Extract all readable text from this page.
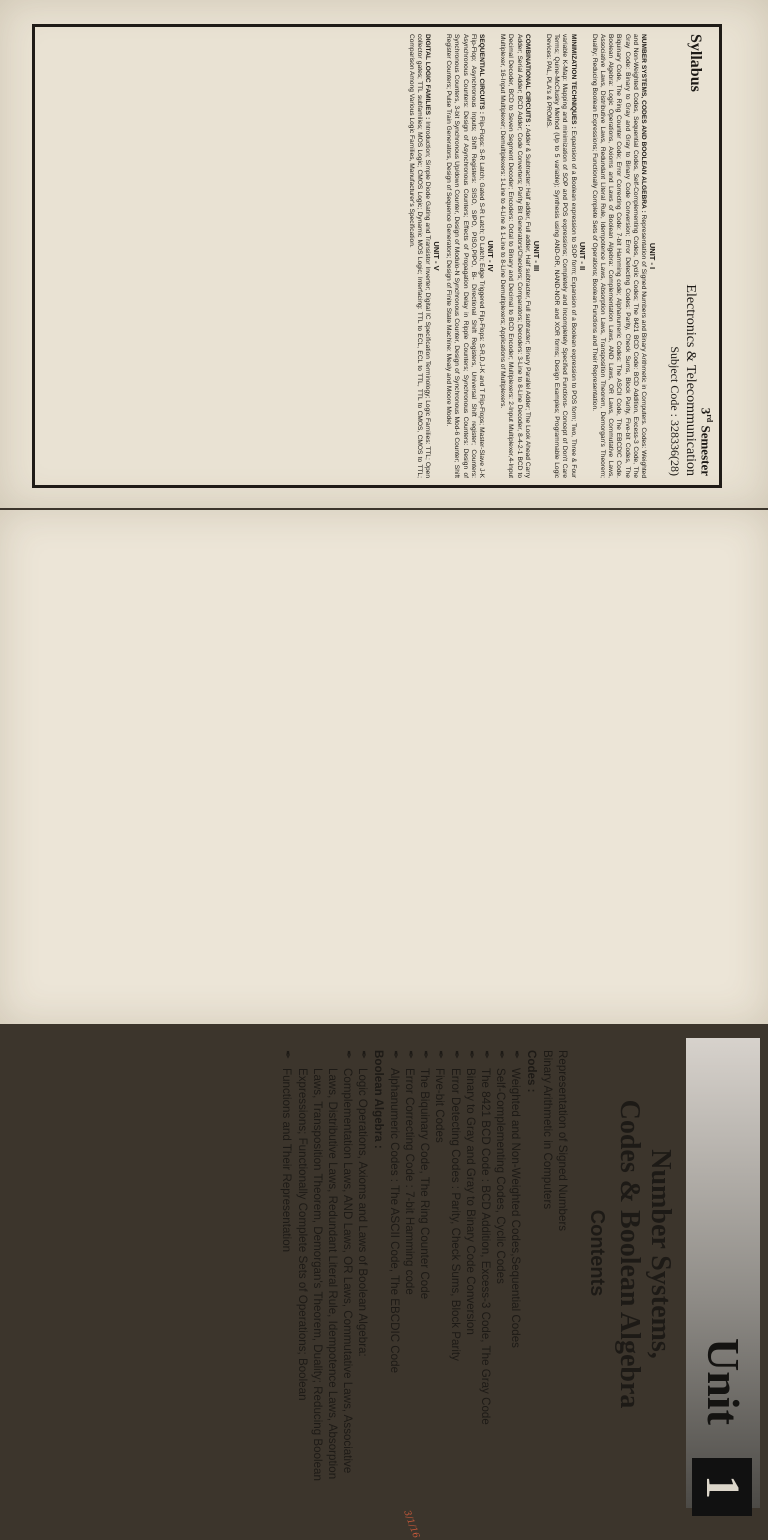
3rd Semester
Electronics & Telecommunication
Subject Code : 328336(28)
Syllabus
UNIT - I

NUMBER SYSTEMS, CODES AND BOOLEAN ALGEBRA : Representation of Signed Numbers and Binary Arithmetic in Computers. Codes: Weighted and Non-Weighted Codes, Sequential Codes, Self-Complementing Codes, Cyclic Codes; The 8421 BCD Code: BCD Addition, Excess-3 Code, The Gray Code: Binary to Gray and Gray to Binary Code Conversion; Error Detecting Codes: Parity, Check Sums, Block Parity, Five-bit Codes, The Biquinary Code, The Ring Counter Code; Error Correcting Code: 7-bit Hamming code; Alphanumeric Codes: The ASCII Code, The EBCDIC Code. Boolean Algebra: Logic Operations, Axioms and Laws of Boolean Algebra: Complementation Laws, AND Laws, OR Laws, Commutative Laws, Associative Laws, Distributive Laws, Redundant Literal Rule, Idempotence Laws, Absorption Laws, Transposition Theorem, Demorgan's Theorem; Duality; Reducing Boolean Expressions; Functionally Complete Sets of Operations; Boolean Functions and Their Representation.

UNIT - II

MINIMIZATION TECHNIQUES : Expansion of a Boolean expression to SOP form; Expansion of a Boolean expression to POS form; Two, Three & Four variable K-Map: Mapping and minimization of SOP and POS expressions; Completely and Incompletely Specified Functions- Concept of Don't Care Terms; Quine-McClusky Method (Up to 5 variable); Synthesis using AND-OR, NAND-NOR and XOR forms; Design Examples; Programmable Logic Devices: PAL, PLA's & PROMS.

UNIT - III

COMBINATIONAL CIRCUITS : Adder & Subtracter: Half adder, Full adder, Half subtracter, Full subtracter; Binary Parallel Adder; The Look Ahead Carry Adder; Serial Adder; BCD Adder; Code Converters; Parity Bit Generators/Checkers; Comparators; Decoders: 3-Line to 8-Line Decoder, 8-4-2-1 BCD to Decimal Decoder, BCD to Seven Segment Decoder; Encoders: Octal to Binary and Decimal to BCD Encoder; Multiplexers: 2-Input Multiplexer,4-Input Multiplexer, 16-Input Multiplexer; Demultiplexers: 1-Line to 4-Line & 1-Line to 8-Line Demultiplexers; Applications of Multiplexers.

UNIT - IV

SEQUENTIAL CIRCUITS : Flip-Flops: S-R Latch; Gated S-R Latch; D Latch; Edge Triggered Flip-Flops: S-R,D,J-K and T Flip-Flops; Master-Slave J-K Flip-Flop; Asynchronous Inputs; Shift Registers: SISO, SIPO, PISO,PIPO, Bi- Directional Shift Registers, Universal Shift register; Counters: Asynchronous Counters: Design of Asynchronous Counters; Effects of Propagation Delay in Ripple Counters; Synchronous Counters: Design of Synchronous Counters, 3-bit Synchronous Up/down Counter, Design of Modulo-N Synchronous Counter, Design of Synchronous Mod-6 Counter; Shift Register Counters; Pulse Train Generators, Design of Sequence Generators; Design of Finite State Machine: Mealy and Moore Model.

UNIT - V

DIGITAL LOGIC FAMILIES : Introduction; Simple Diode Gating and Transistor Inverter; Digital IC Specification Terminology; Logic Families: TTL; Open collector gates; TTL subfamilies; MOS Logic; CMOS Logic; Dynamic MOS Logic; Interfacing: TTL to ECL, ECL to TTL, TTL to CMOS, CMOS to TTL; Comparison Among Various Logic Families, Manufacturer's Specification.

Unit
1
Number Systems,
Codes & Boolean Algebra
Contents

Representation of Signed Numbers

Binary Arithmetic in Computers

Codes :

✒
Weighted and Non-Weighted Codes,Sequential Codes

✒
Self-Complementing Codes, Cyclic Codes

✒
The 8421 BCD Code : BCD Addition, Excess-3 Code, The Gray Code

✒
Binary to Gray and Gray to Binary Code Conversion

✒
Error Detecting Codes : Parity, Check Sums, Block Parity

✒
Five-bit Codes

✒
The Biquinary Code, The Ring Counter Code

✒
Error Correcting Code : 7-bit Hamming code

✒
Alphanumeric Codes : The ASCII Code, The EBCDIC Code

Boolean Algebra :

✒
Logic Operations, Axioms and Laws of Boolean Algebra:

✒
Complementation Laws, AND Laws, OR Laws, Commutative Laws, Associative Laws, Distributive Laws, Redundant Literal Rule, Idempotence Laws, Absorption Laws, Transposition Theorem, Demorgan's Theorem, Duality; Reducing Boolean Expressions; Functionally Complete Sets of Operations; Boolean

✒
Functions and Their Representation

3/1/16
